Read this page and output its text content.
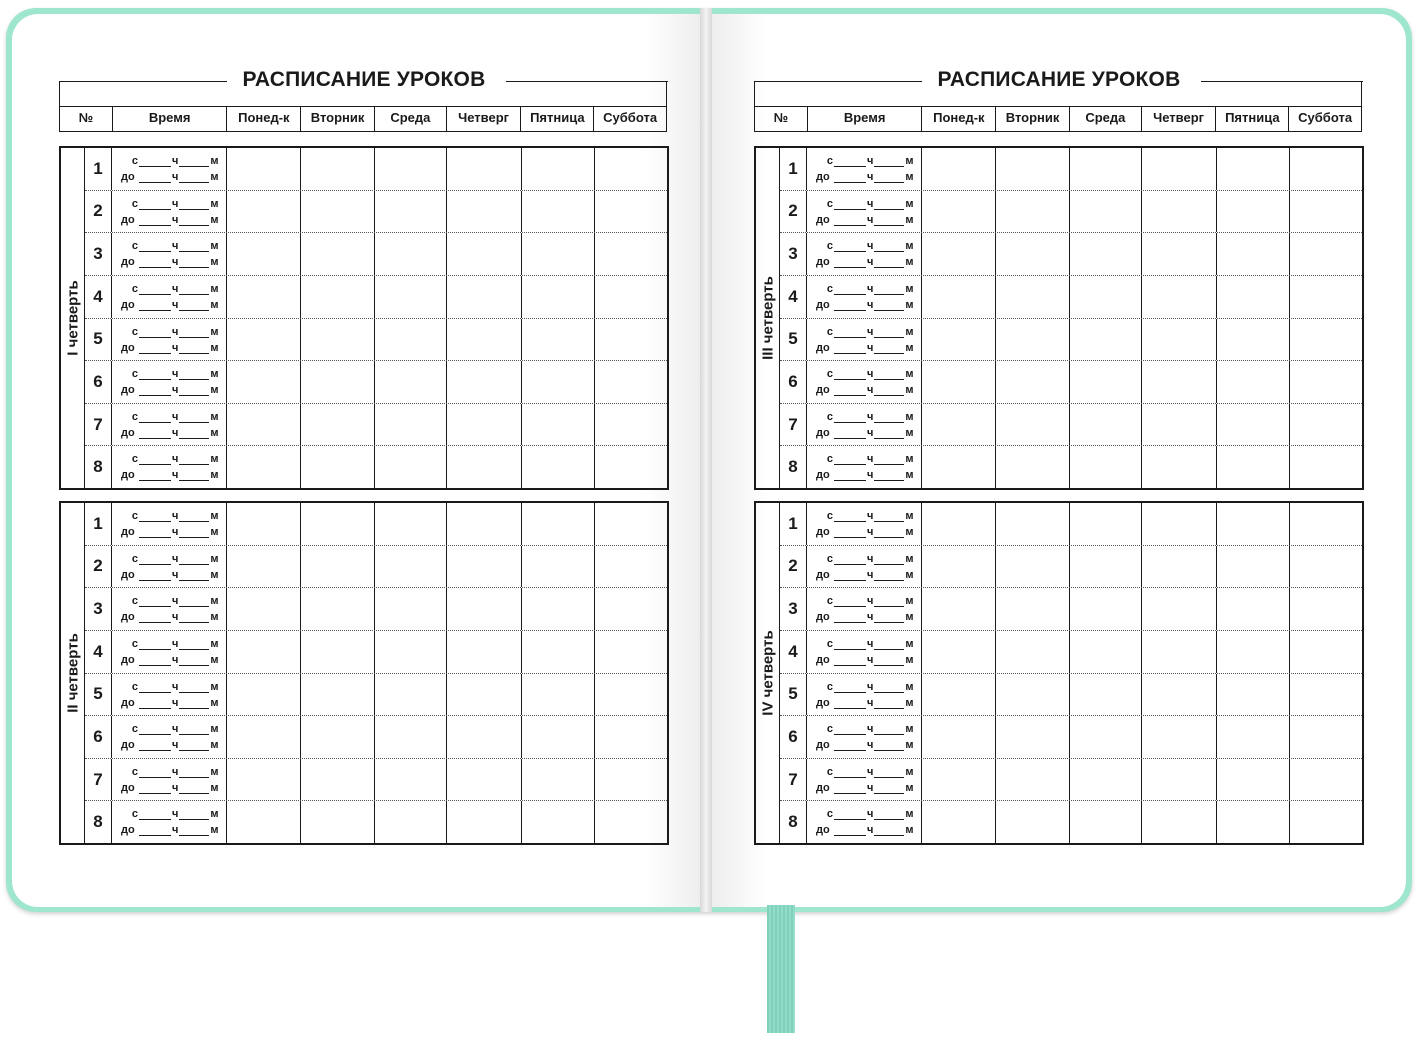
РАСПИСАНИЕ УРОКОВ
№	Время	Понед-к	Вторник	Среда	Четверг	Пятница	Суббота
I четверть
1	с	ч	м
до	ч	м
2	с	ч	м
до	ч	м
3	с	ч	м
до	ч	м
4	с	ч	м
до	ч	м
5	с	ч	м
до	ч	м
6	с	ч	м
до	ч	м
7	с	ч	м
до	ч	м
8	с	ч	м
до	ч	м
II четверть
1	с	ч	м
до	ч	м
2	с	ч	м
до	ч	м
3	с	ч	м
до	ч	м
4	с	ч	м
до	ч	м
5	с	ч	м
до	ч	м
6	с	ч	м
до	ч	м
7	с	ч	м
до	ч	м
8	с	ч	м
до	ч	м
РАСПИСАНИЕ УРОКОВ
№	Время	Понед-к	Вторник	Среда	Четверг	Пятница	Суббота
III четверть
1	с	ч	м
до	ч	м
2	с	ч	м
до	ч	м
3	с	ч	м
до	ч	м
4	с	ч	м
до	ч	м
5	с	ч	м
до	ч	м
6	с	ч	м
до	ч	м
7	с	ч	м
до	ч	м
8	с	ч	м
до	ч	м
IV четверть
1	с	ч	м
до	ч	м
2	с	ч	м
до	ч	м
3	с	ч	м
до	ч	м
4	с	ч	м
до	ч	м
5	с	ч	м
до	ч	м
6	с	ч	м
до	ч	м
7	с	ч	м
до	ч	м
8	с	ч	м
до	ч	м
